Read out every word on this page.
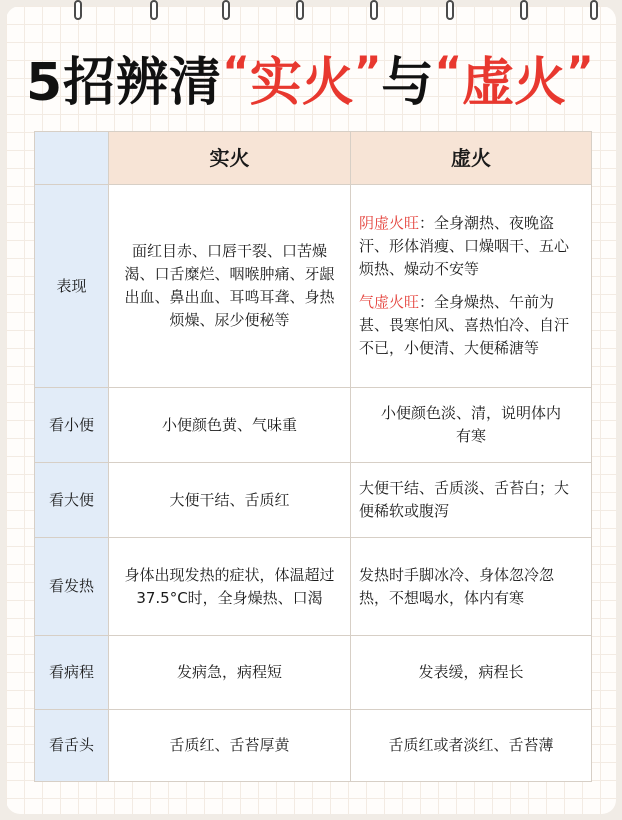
5招辨清“实火”与“虚火”
	实火	虚火
表现	面红目赤、口唇干裂、口苦燥渴、口舌糜烂、咽喉肿痛、牙龈出血、鼻出血、耳鸣耳聋、身热烦燥、尿少便秘等	阴虚火旺：全身潮热、夜晚盗汗、形体消瘦、口燥咽干、五心烦热、燥动不安等
气虚火旺：全身燥热、午前为甚、畏寒怕风、喜热怕冷、自汗不已，小便清、大便稀溏等

看小便	小便颜色黄、气味重	小便颜色淡、清，说明体内有寒
看大便	大便干结、舌质红	大便干结、舌质淡、舌苔白；大便稀软或腹泻
看发热	身体出现发热的症状，体温超过37.5°C时，全身燥热、口渴	发热时手脚冰冷、身体忽冷忽热，不想喝水，体内有寒
看病程	发病急，病程短	发表缓，病程长
看舌头	舌质红、舌苔厚黄	舌质红或者淡红、舌苔薄
